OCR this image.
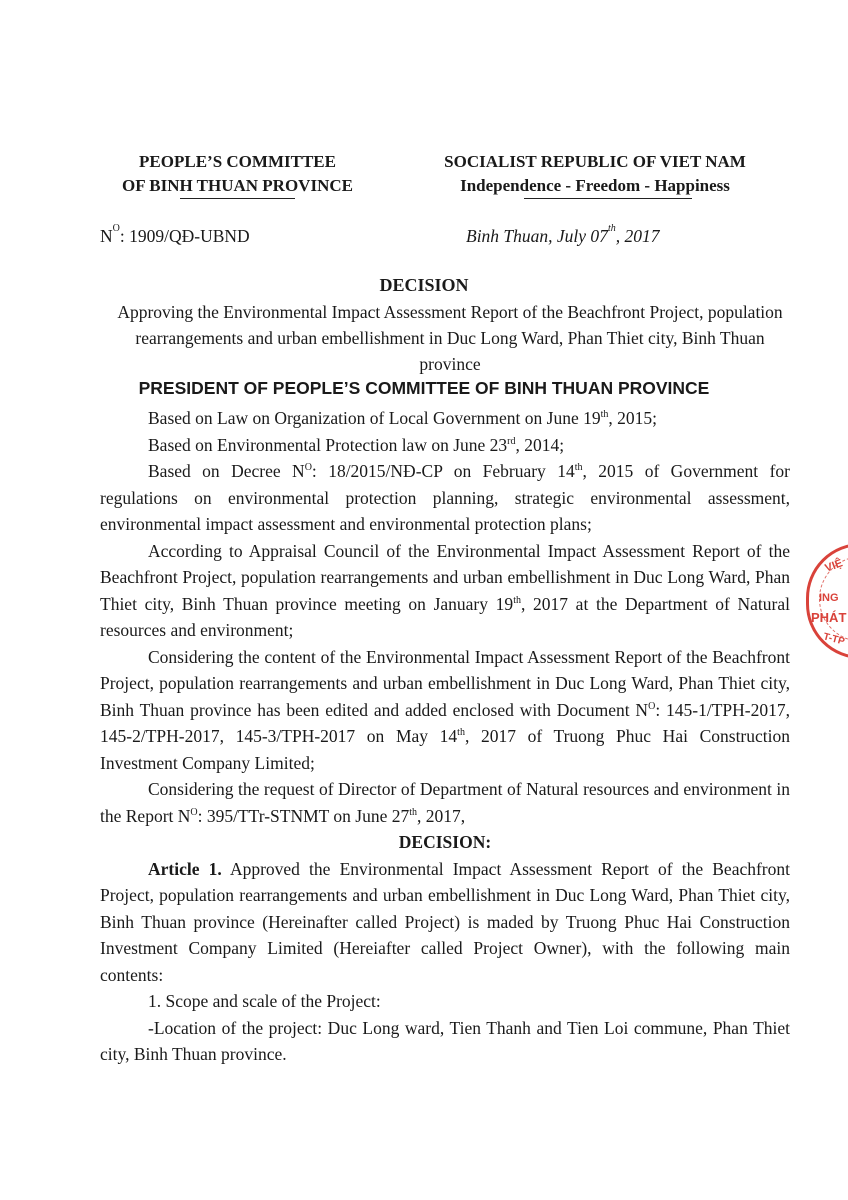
PEOPLE’S COMMITTEE
OF BINH THUAN PROVINCE
SOCIALIST REPUBLIC OF VIET NAM
Independence - Freedom - Happiness
$N^O$: 1909/QĐ-UBND	Binh Thuan, July 07th, 2017
DECISION
Approving the Environmental Impact Assessment Report of the Beachfront Project, population rearrangements and urban embellishment in Duc Long Ward, Phan Thiet city, Binh Thuan province
PRESIDENT OF PEOPLE’S COMMITTEE OF BINH THUAN PROVINCE
Based on Law on Organization of Local Government on June 19th, 2015;
Based on Environmental Protection law on June 23rd, 2014;
Based on Decree $N^O$: 18/2015/NĐ-CP on February 14th, 2015 of Government for regulations on environmental protection planning, strategic environmental assessment, environmental impact assessment and environmental protection plans;
According to Appraisal Council of the Environmental Impact Assessment Report of the Beachfront Project, population rearrangements and urban embellishment in Duc Long Ward, Phan Thiet city, Binh Thuan province meeting on January 19th, 2017 at the Department of Natural resources and environment;
Considering the content of the Environmental Impact Assessment Report of the Beachfront Project, population rearrangements and urban embellishment in Duc Long Ward, Phan Thiet city, Binh Thuan province has been edited and added enclosed with Document $N^O$: 145-1/TPH-2017, 145-2/TPH-2017, 145-3/TPH-2017 on May 14th, 2017 of Truong Phuc Hai Construction Investment Company Limited;
Considering the request of Director of Department of Natural resources and environment in the Report $N^O$: 395/TTr-STNMT on June 27th, 2017,
DECISION:
Article 1. Approved the Environmental Impact Assessment Report of the Beachfront Project, population rearrangements and urban embellishment in Duc Long Ward, Phan Thiet city, Binh Thuan province (Hereinafter called Project) is maded by Truong Phuc Hai Construction Investment Company Limited (Hereiafter called Project Owner), with the following main contents:
1. Scope and scale of the Project:
-Location of the project: Duc Long ward, Tien Thanh and Tien Loi commune, Phan Thiet city, Binh Thuan province.
VIỆ
ING
PHÁT
T-TP
